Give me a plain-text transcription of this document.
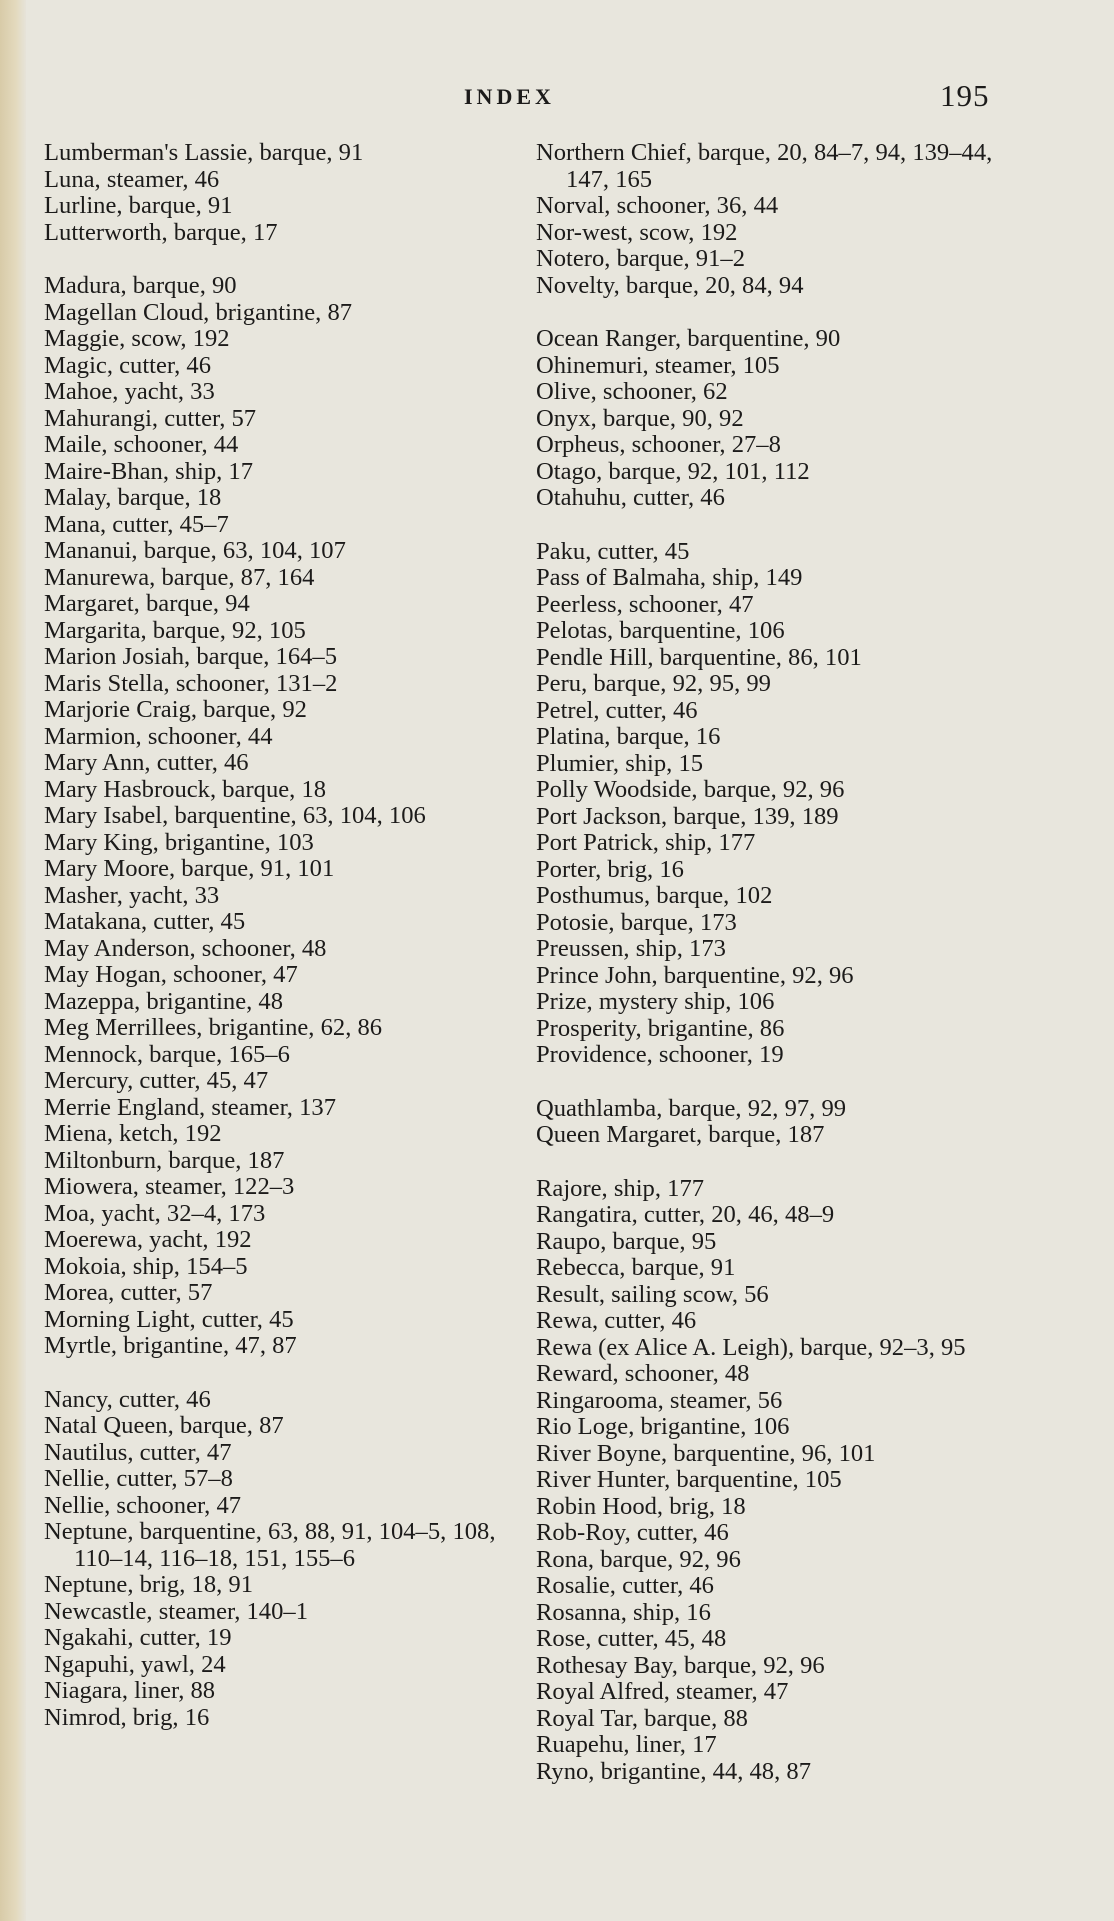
INDEX	195
Lumberman's Lassie, barque, 91
Luna, steamer, 46
Lurline, barque, 91
Lutterworth, barque, 17
Madura, barque, 90
Magellan Cloud, brigantine, 87
Maggie, scow, 192
Magic, cutter, 46
Mahoe, yacht, 33
Mahurangi, cutter, 57
Maile, schooner, 44
Maire-Bhan, ship, 17
Malay, barque, 18
Mana, cutter, 45–7
Mananui, barque, 63, 104, 107
Manurewa, barque, 87, 164
Margaret, barque, 94
Margarita, barque, 92, 105
Marion Josiah, barque, 164–5
Maris Stella, schooner, 131–2
Marjorie Craig, barque, 92
Marmion, schooner, 44
Mary Ann, cutter, 46
Mary Hasbrouck, barque, 18
Mary Isabel, barquentine, 63, 104, 106
Mary King, brigantine, 103
Mary Moore, barque, 91, 101
Masher, yacht, 33
Matakana, cutter, 45
May Anderson, schooner, 48
May Hogan, schooner, 47
Mazeppa, brigantine, 48
Meg Merrillees, brigantine, 62, 86
Mennock, barque, 165–6
Mercury, cutter, 45, 47
Merrie England, steamer, 137
Miena, ketch, 192
Miltonburn, barque, 187
Miowera, steamer, 122–3
Moa, yacht, 32–4, 173
Moerewa, yacht, 192
Mokoia, ship, 154–5
Morea, cutter, 57
Morning Light, cutter, 45
Myrtle, brigantine, 47, 87
Nancy, cutter, 46
Natal Queen, barque, 87
Nautilus, cutter, 47
Nellie, cutter, 57–8
Nellie, schooner, 47
Neptune, barquentine, 63, 88, 91, 104–5, 108, 110–14, 116–18, 151, 155–6
Neptune, brig, 18, 91
Newcastle, steamer, 140–1
Ngakahi, cutter, 19
Ngapuhi, yawl, 24
Niagara, liner, 88
Nimrod, brig, 16
Northern Chief, barque, 20, 84–7, 94, 139–44, 147, 165
Norval, schooner, 36, 44
Nor-west, scow, 192
Notero, barque, 91–2
Novelty, barque, 20, 84, 94
Ocean Ranger, barquentine, 90
Ohinemuri, steamer, 105
Olive, schooner, 62
Onyx, barque, 90, 92
Orpheus, schooner, 27–8
Otago, barque, 92, 101, 112
Otahuhu, cutter, 46
Paku, cutter, 45
Pass of Balmaha, ship, 149
Peerless, schooner, 47
Pelotas, barquentine, 106
Pendle Hill, barquentine, 86, 101
Peru, barque, 92, 95, 99
Petrel, cutter, 46
Platina, barque, 16
Plumier, ship, 15
Polly Woodside, barque, 92, 96
Port Jackson, barque, 139, 189
Port Patrick, ship, 177
Porter, brig, 16
Posthumus, barque, 102
Potosie, barque, 173
Preussen, ship, 173
Prince John, barquentine, 92, 96
Prize, mystery ship, 106
Prosperity, brigantine, 86
Providence, schooner, 19
Quathlamba, barque, 92, 97, 99
Queen Margaret, barque, 187
Rajore, ship, 177
Rangatira, cutter, 20, 46, 48–9
Raupo, barque, 95
Rebecca, barque, 91
Result, sailing scow, 56
Rewa, cutter, 46
Rewa (ex Alice A. Leigh), barque, 92–3, 95
Reward, schooner, 48
Ringarooma, steamer, 56
Rio Loge, brigantine, 106
River Boyne, barquentine, 96, 101
River Hunter, barquentine, 105
Robin Hood, brig, 18
Rob-Roy, cutter, 46
Rona, barque, 92, 96
Rosalie, cutter, 46
Rosanna, ship, 16
Rose, cutter, 45, 48
Rothesay Bay, barque, 92, 96
Royal Alfred, steamer, 47
Royal Tar, barque, 88
Ruapehu, liner, 17
Ryno, brigantine, 44, 48, 87
